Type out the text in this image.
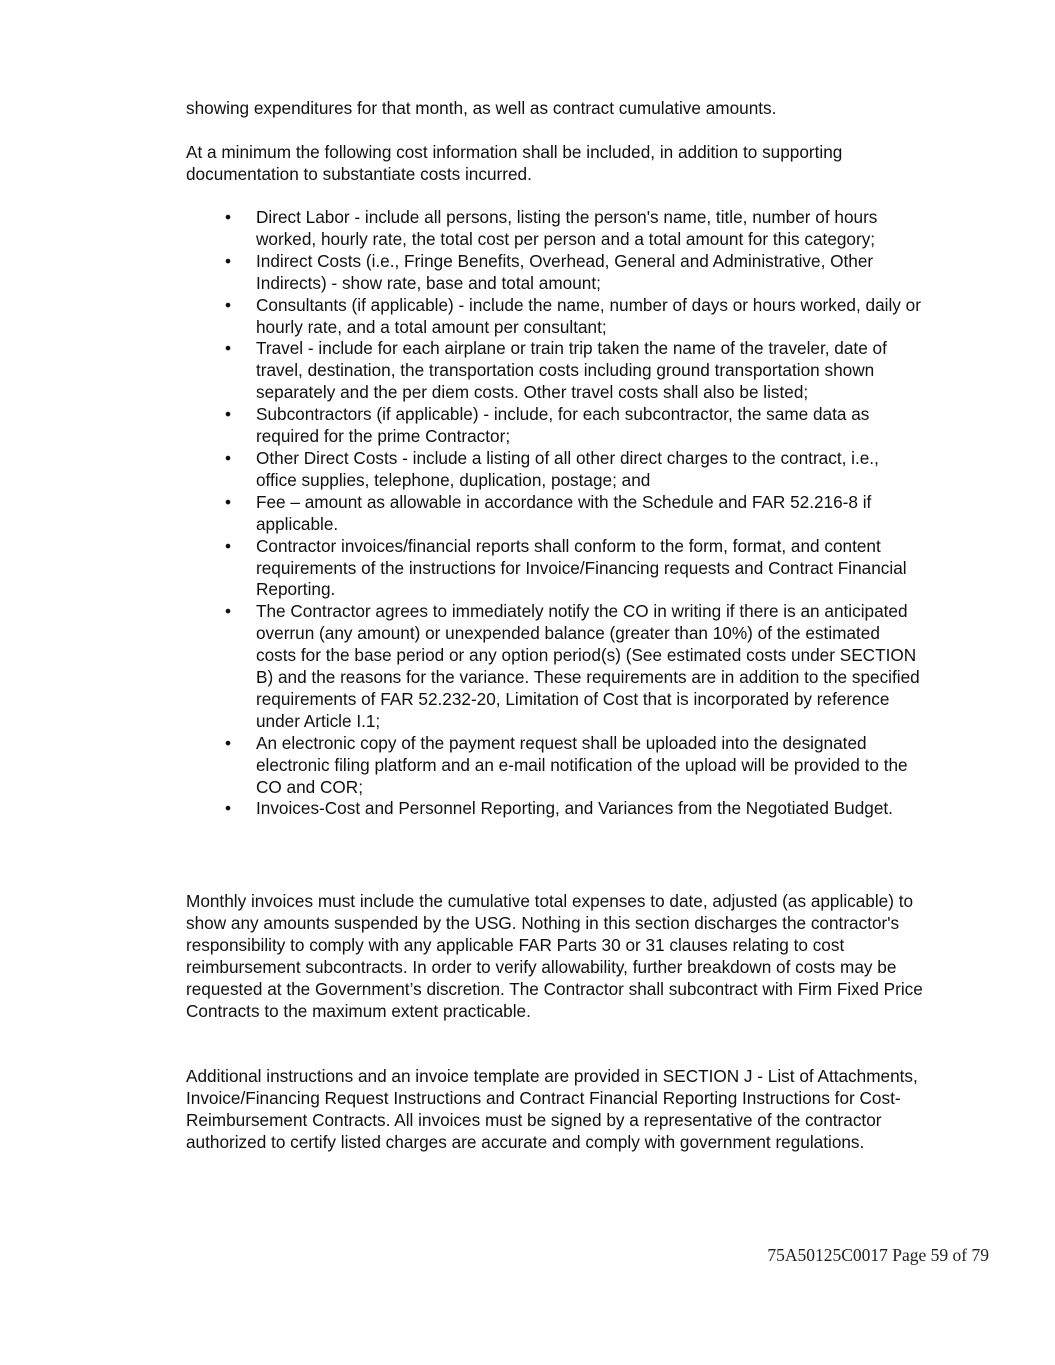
showing expenditures for that month, as well as contract cumulative amounts.

At a minimum the following cost information shall be included, in addition to supporting documentation to substantiate costs incurred.

•	Direct Labor - include all persons, listing the person's name, title, number of hours worked, hourly rate, the total cost per person and a total amount for this category;
•	Indirect Costs (i.e., Fringe Benefits, Overhead, General and Administrative, Other Indirects) - show rate, base and total amount;
•	Consultants (if applicable) - include the name, number of days or hours worked, daily or hourly rate, and a total amount per consultant;
•	Travel - include for each airplane or train trip taken the name of the traveler, date of travel, destination, the transportation costs including ground transportation shown separately and the per diem costs. Other travel costs shall also be listed;
•	Subcontractors (if applicable) - include, for each subcontractor, the same data as required for the prime Contractor;
•	Other Direct Costs - include a listing of all other direct charges to the contract, i.e., office supplies, telephone, duplication, postage; and
•	Fee – amount as allowable in accordance with the Schedule and FAR 52.216-8 if applicable.
•	Contractor invoices/financial reports shall conform to the form, format, and content requirements of the instructions for Invoice/Financing requests and Contract Financial Reporting.
•	The Contractor agrees to immediately notify the CO in writing if there is an anticipated overrun (any amount) or unexpended balance (greater than 10%) of the estimated costs for the base period or any option period(s) (See estimated costs under SECTION B) and the reasons for the variance. These requirements are in addition to the specified requirements of FAR 52.232-20, Limitation of Cost that is incorporated by reference under Article I.1;
•	An electronic copy of the payment request shall be uploaded into the designated electronic filing platform and an e-mail notification of the upload will be provided to the CO and COR;
•	Invoices-Cost and Personnel Reporting, and Variances from the Negotiated Budget.

Monthly invoices must include the cumulative total expenses to date, adjusted (as applicable) to show any amounts suspended by the USG. Nothing in this section discharges the contractor's responsibility to comply with any applicable FAR Parts 30 or 31 clauses relating to cost reimbursement subcontracts. In order to verify allowability, further breakdown of costs may be requested at the Government’s discretion. The Contractor shall subcontract with Firm Fixed Price Contracts to the maximum extent practicable.

Additional instructions and an invoice template are provided in SECTION J - List of Attachments, Invoice/Financing Request Instructions and Contract Financial Reporting Instructions for Cost- Reimbursement Contracts. All invoices must be signed by a representative of the contractor authorized to certify listed charges are accurate and comply with government regulations.

75A50125C0017 Page 59 of 79
